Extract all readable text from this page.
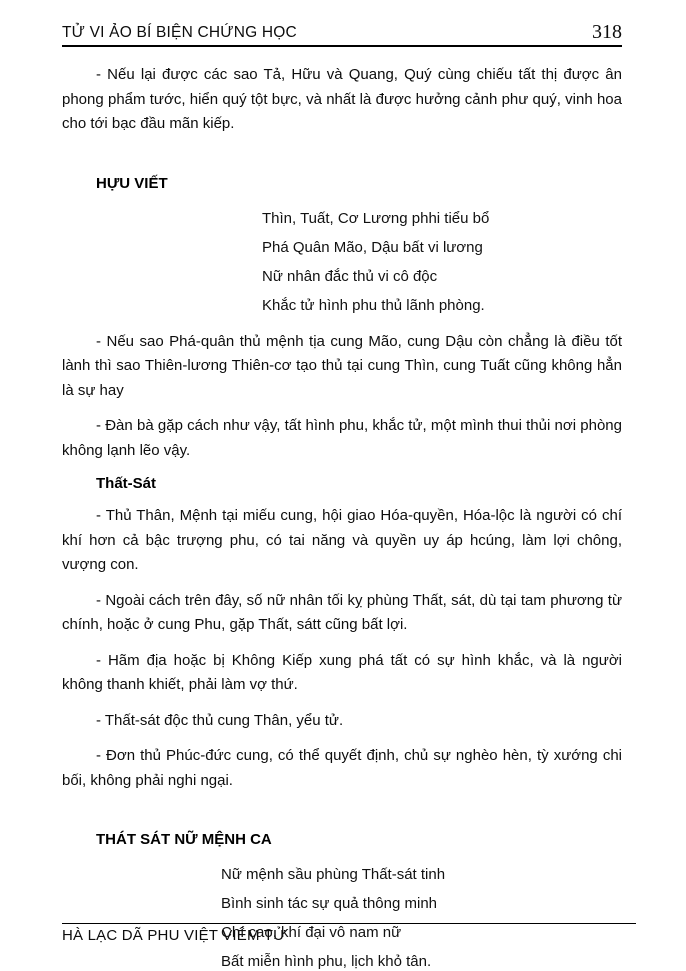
TỬ VI ẢO BÍ BIỆN CHỨNG HỌC	318

- Nếu lại được các sao Tả, Hữu và Quang, Quý cùng chiếu tất thị được ân phong phẩm tước, hiển quý tột bực, và nhất là được hưởng cảnh phư quý, vinh hoa cho tới bạc đầu mãn kiếp.

HỰU VIẾT
Thìn, Tuất, Cơ Lương phhi tiểu bổ
Phá Quân Mão, Dậu bất vi lương
Nữ nhân đắc thủ vi cô độc
Khắc tử hình phu thủ lãnh phòng.

- Nếu sao Phá-quân thủ mệnh tịa cung Mão, cung Dậu còn chẳng là điều tốt lành thì sao Thiên-lương Thiên-cơ tạo thủ tại cung Thìn, cung Tuất cũng không hẳn là sự hay

- Đàn bà gặp cách như vậy, tất hình phu, khắc tử, một mình thui thủi nơi phòng không lạnh lẽo vậy.

Thất-Sát

- Thủ Thân, Mệnh tại miếu cung, hội giao Hóa-quyền, Hóa-lộc là người có chí khí hơn cả bậc trượng phu, có tai năng và quyền uy áp hcúng, làm lợi chông, vượng con.

- Ngoài cách trên đây, số nữ nhân tối kỵ phùng Thất, sát, dù tại tam phương từ chính, hoặc ở cung Phu, gặp Thất, sátt cũng bất lợi.

- Hãm địa hoặc bị Không Kiếp xung phá tất có sự hình khắc, và là người không thanh khiết, phải làm vợ thứ.

- Thất-sát độc thủ cung Thân, yểu tử.

- Đơn thủ Phúc-đức cung, có thể quyết định, chủ sự nghèo hèn, tỳ xướng chi bối, không phải nghi ngại.

THÁT SÁT NỮ MỆNH CA
Nữ mệnh sầu phùng Thất-sát tinh
Bình sinh tác sự quả thông minh
Chí cao, khí đại vô nam nữ
Bất miễn hình phu, lịch khỏ tân.
HÀ LẠC DÃ PHU VIỆT VIÊM TỬ
